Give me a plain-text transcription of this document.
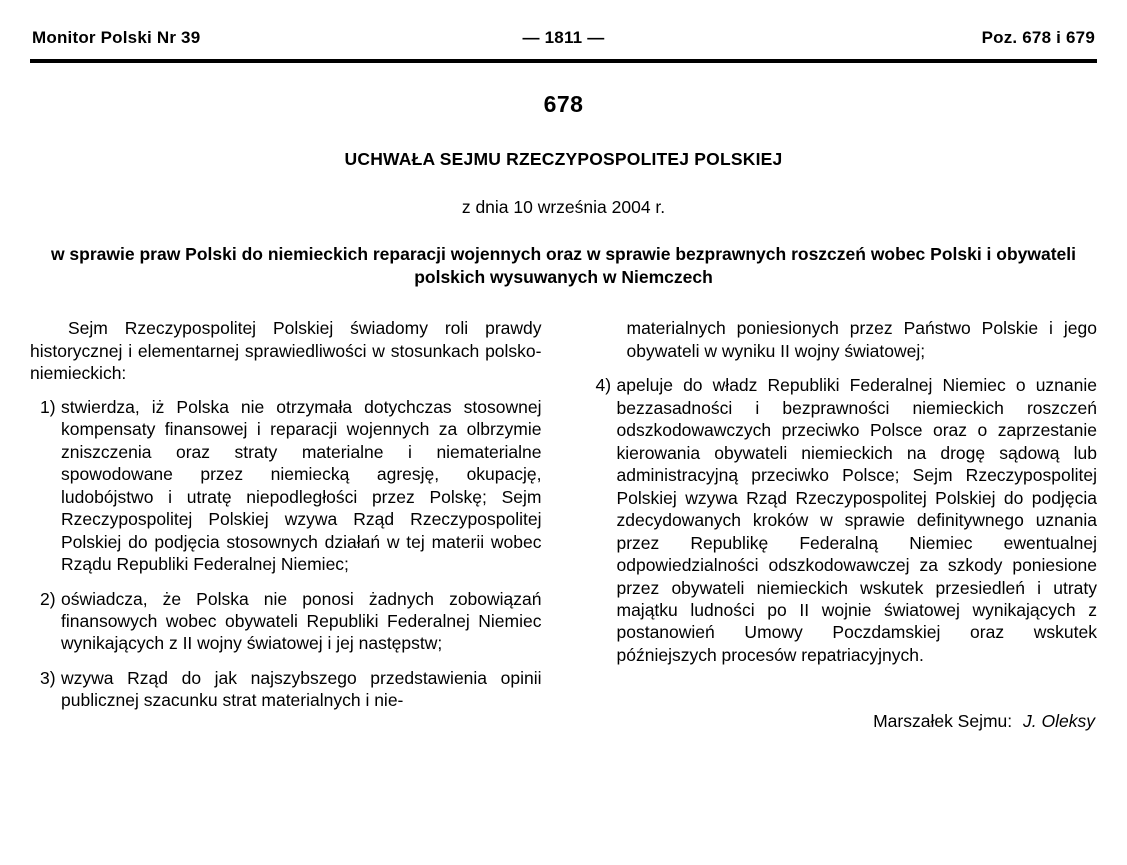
Monitor Polski Nr 39	— 1811 —	Poz. 678 i 679
678
UCHWAŁA SEJMU RZECZYPOSPOLITEJ POLSKIEJ
z dnia 10 września 2004 r.
w sprawie praw Polski do niemieckich reparacji wojennych oraz w sprawie bezprawnych roszczeń wobec Polski i obywateli polskich wysuwanych w Niemczech

Sejm Rzeczypospolitej Polskiej świadomy roli prawdy historycznej i elementarnej sprawiedliwości w stosunkach polsko-niemieckich:

1) stwierdza, iż Polska nie otrzymała dotychczas stosownej kompensaty finansowej i reparacji wojennych za olbrzymie zniszczenia oraz straty materialne i niematerialne spowodowane przez niemiecką agresję, okupację, ludobójstwo i utratę niepodległości przez Polskę; Sejm Rzeczypospolitej Polskiej wzywa Rząd Rzeczypospolitej Polskiej do podjęcia stosownych działań w tej materii wobec Rządu Republiki Federalnej Niemiec;
2) oświadcza, że Polska nie ponosi żadnych zobowiązań finansowych wobec obywateli Republiki Federalnej Niemiec wynikających z II wojny światowej i jej następstw;
3) wzywa Rząd do jak najszybszego przedstawienia opinii publicznej szacunku strat materialnych i nie-

materialnych poniesionych przez Państwo Polskie i jego obywateli w wyniku II wojny światowej;

4) apeluje do władz Republiki Federalnej Niemiec o uznanie bezzasadności i bezprawności niemieckich roszczeń odszkodowawczych przeciwko Polsce oraz o zaprzestanie kierowania obywateli niemieckich na drogę sądową lub administracyjną przeciwko Polsce; Sejm Rzeczypospolitej Polskiej wzywa Rząd Rzeczypospolitej Polskiej do podjęcia zdecydowanych kroków w sprawie definitywnego uznania przez Republikę Federalną Niemiec ewentualnej odpowiedzialności odszkodowawczej za szkody poniesione przez obywateli niemieckich wskutek przesiedleń i utraty majątku ludności po II wojnie światowej wynikających z postanowień Umowy Poczdamskiej oraz wskutek późniejszych procesów repatriacyjnych.

Marszałek Sejmu: J. Oleksy
